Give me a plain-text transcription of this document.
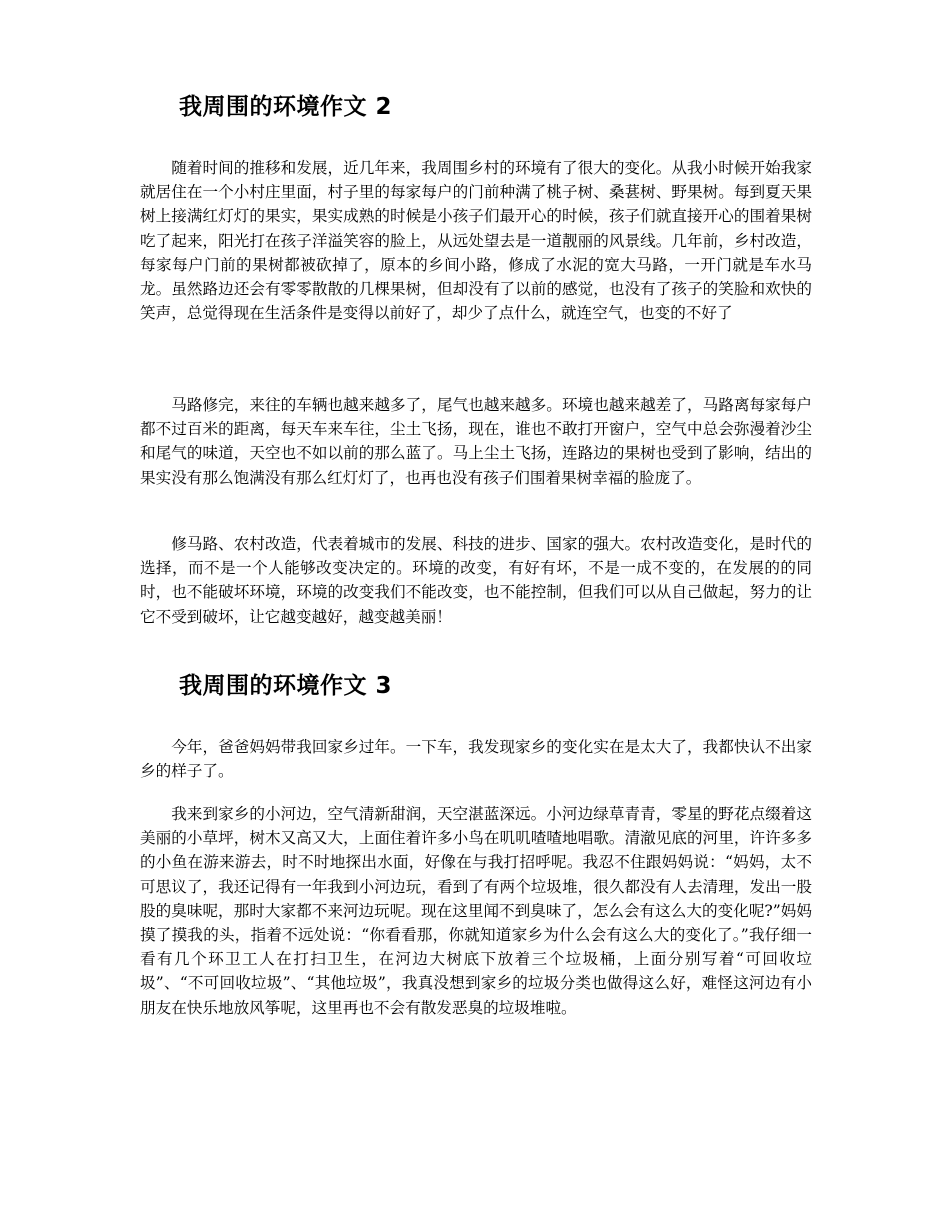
我周围的环境作文 2

随着时间的推移和发展，近几年来，我周围乡村的环境有了很大的变化。从我小时候开始我家就居住在一个小村庄里面，村子里的每家每户的门前种满了桃子树、桑葚树、野果树。每到夏天果树上接满红灯灯的果实，果实成熟的时候是小孩子们最开心的时候，孩子们就直接开心的围着果树吃了起来，阳光打在孩子洋溢笑容的脸上，从远处望去是一道靓丽的风景线。几年前，乡村改造，每家每户门前的果树都被砍掉了，原本的乡间小路，修成了水泥的宽大马路，一开门就是车水马龙。虽然路边还会有零零散散的几棵果树，但却没有了以前的感觉，也没有了孩子的笑脸和欢快的笑声，总觉得现在生活条件是变得以前好了，却少了点什么，就连空气，也变的不好了

马路修完，来往的车辆也越来越多了，尾气也越来越多。环境也越来越差了，马路离每家每户都不过百米的距离，每天车来车往，尘土飞扬，现在，谁也不敢打开窗户，空气中总会弥漫着沙尘和尾气的味道，天空也不如以前的那么蓝了。马上尘土飞扬，连路边的果树也受到了影响，结出的果实没有那么饱满没有那么红灯灯了，也再也没有孩子们围着果树幸福的脸庞了。

修马路、农村改造，代表着城市的发展、科技的进步、国家的强大。农村改造变化，是时代的选择，而不是一个人能够改变决定的。环境的改变，有好有坏，不是一成不变的，在发展的的同时，也不能破坏环境，环境的改变我们不能改变，也不能控制，但我们可以从自己做起，努力的让它不受到破坏，让它越变越好，越变越美丽！

我周围的环境作文 3

今年，爸爸妈妈带我回家乡过年。一下车，我发现家乡的变化实在是太大了，我都快认不出家乡的样子了。

我来到家乡的小河边，空气清新甜润，天空湛蓝深远。小河边绿草青青，零星的野花点缀着这美丽的小草坪，树木又高又大，上面住着许多小鸟在叽叽喳喳地唱歌。清澈见底的河里，许许多多的小鱼在游来游去，时不时地探出水面，好像在与我打招呼呢。我忍不住跟妈妈说：“妈妈，太不可思议了，我还记得有一年我到小河边玩，看到了有两个垃圾堆，很久都没有人去清理，发出一股股的臭味呢，那时大家都不来河边玩呢。现在这里闻不到臭味了，怎么会有这么大的变化呢?”妈妈摸了摸我的头，指着不远处说：“你看看那，你就知道家乡为什么会有这么大的变化了。”我仔细一看有几个环卫工人在打扫卫生，在河边大树底下放着三个垃圾桶，上面分别写着“可回收垃圾”、“不可回收垃圾”、“其他垃圾”，我真没想到家乡的垃圾分类也做得这么好，难怪这河边有小朋友在快乐地放风筝呢，这里再也不会有散发恶臭的垃圾堆啦。
